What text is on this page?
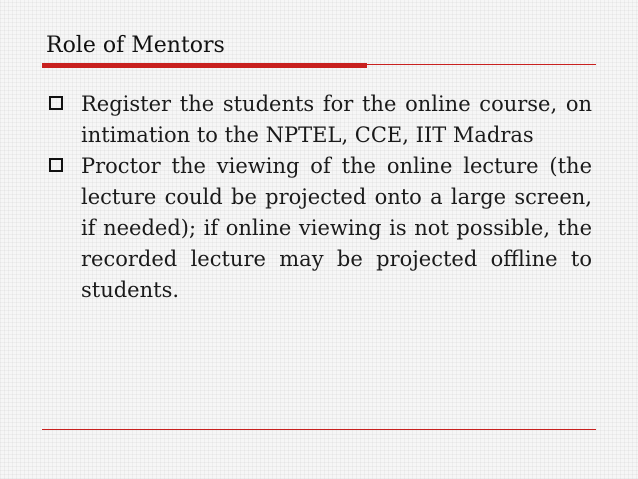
Role of Mentors
Register the students for the online course, on intimation to the NPTEL, CCE, IIT Madras
Proctor the viewing of the online lecture (the lecture could be projected onto a large screen, if needed); if online viewing is not possible, the recorded lecture may be projected offline to students.
